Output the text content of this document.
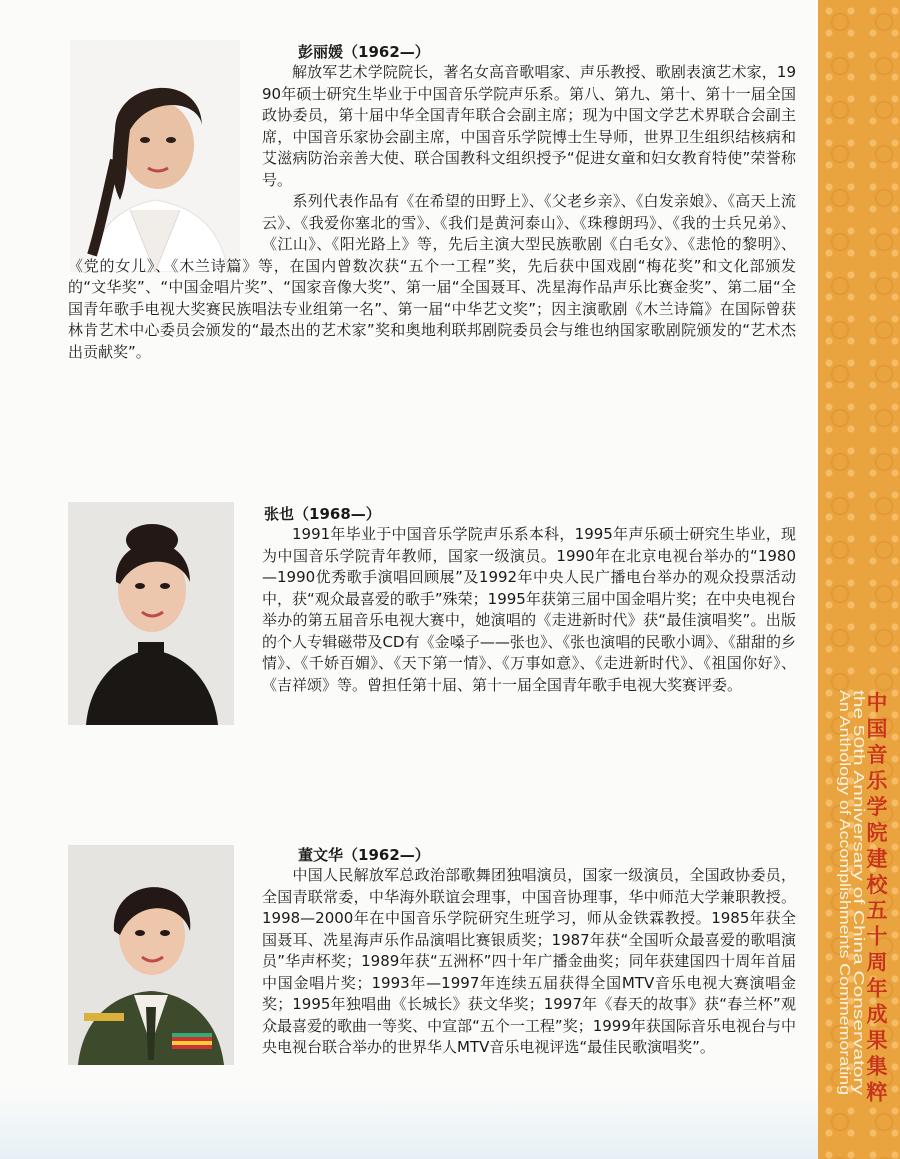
An Anthology of Accomplishments Commemorating
the 50th Anniversary of China Conservatory 中
国
音
乐
学
院
建
校
五
十
周
年
成
果
集
粹
彭丽媛（1962—）

解放军艺术学院院长，著名女高音歌唱家、声乐教授、歌剧表演艺术家，1990年硕士研究生毕业于中国音乐学院声乐系。第八、第九、第十、第十一届全国政协委员，第十届中华全国青年联合会副主席；现为中国文学艺术界联合会副主席，中国音乐家协会副主席，中国音乐学院博士生导师，世界卫生组织结核病和艾滋病防治亲善大使、联合国教科文组织授予“促进女童和妇女教育特使”荣誉称号。

　　系列代表作品有《在希望的田野上》、《父老乡亲》、《白发亲娘》、《高天上流云》、《我爱你塞北的雪》、《我们是黄河泰山》、《珠穆朗玛》、《我的士兵兄弟》、《江山》、《阳光路上》等，先后主演大型民族歌剧《白毛女》、《悲怆的黎明》、《党的女儿》、《木兰诗篇》等，在国内曾数次获“五个一工程”奖，先后获中国戏剧“梅花奖”和文化部颁发的“文华奖”、“中国金唱片奖”、“国家音像大奖”、第一届“全国聂耳、冼星海作品声乐比赛金奖”、第二届“全国青年歌手电视大奖赛民族唱法专业组第一名”、第一届“中华艺文奖”；因主演歌剧《木兰诗篇》在国际曾获林肯艺术中心委员会颁发的“最杰出的艺术家”奖和奥地利联邦剧院委员会与维也纳国家歌剧院颁发的“艺术杰出贡献奖”。

张也（1968—）

1991年毕业于中国音乐学院声乐系本科，1995年声乐硕士研究生毕业，现为中国音乐学院青年教师，国家一级演员。1990年在北京电视台举办的“1980—1990优秀歌手演唱回顾展”及1992年中央人民广播电台举办的观众投票活动中，获“观众最喜爱的歌手”殊荣；1995年获第三届中国金唱片奖；在中央电视台举办的第五届音乐电视大赛中，她演唱的《走进新时代》获“最佳演唱奖”。出版的个人专辑磁带及CD有《金嗓子——张也》、《张也演唱的民歌小调》、《甜甜的乡情》、《千娇百媚》、《天下第一情》、《万事如意》、《走进新时代》、《祖国你好》、《吉祥颂》等。曾担任第十届、第十一届全国青年歌手电视大奖赛评委。

董文华（1962—）

　　中国人民解放军总政治部歌舞团独唱演员，国家一级演员，全国政协委员，全国青联常委，中华海外联谊会理事，中国音协理事，华中师范大学兼职教授。1998—2000年在中国音乐学院研究生班学习，师从金铁霖教授。1985年获全国聂耳、冼星海声乐作品演唱比赛银质奖；1987年获“全国听众最喜爱的歌唱演员”华声杯奖；1989年获“五洲杯”四十年广播金曲奖；同年获建国四十周年首届中国金唱片奖；1993年—1997年连续五届获得全国MTV音乐电视大赛演唱金奖；1995年独唱曲《长城长》获文华奖；1997年《春天的故事》获“春兰杯”观众最喜爱的歌曲一等奖、中宣部“五个一工程”奖；1999年获国际音乐电视台与中央电视台联合举办的世界华人MTV音乐电视评选“最佳民歌演唱奖”。
